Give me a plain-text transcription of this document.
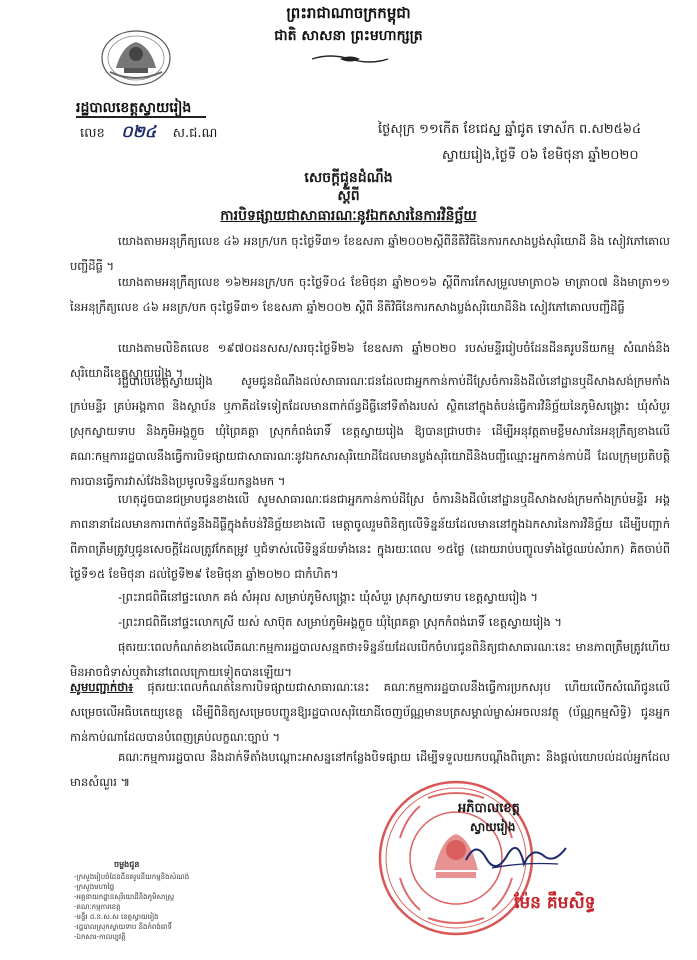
ព្រះរាជាណាចក្រកម្ពុជា
ជាតិ សាសនា ព្រះមហាក្សត្រ
រដ្ឋបាលខេត្តស្វាយរៀង
លេខ ០២៤ ស.ជ.ណ	ថ្ងៃសុក្រ ១១កើត ខែជេស្ឋ ឆ្នាំជូត ទោស័ក ព.ស២៥៦៤
ស្វាយរៀង,ថ្ងៃទី ០៦ ខែមិថុនា ឆ្នាំ២០២០
សេចក្តីជូនដំណឹង
ស្តីពី
ការបិទផ្សាយជាសាធារណៈនូវឯកសារនៃការវិនិច្ឆ័យ
យោងតាមអនុក្រឹត្យលេខ ៤៦ អនក្រ/បក ចុះថ្ងៃទី៣១ ខែឧសភា ឆ្នាំ២០០២ស្តីពីនីតិវិធីនៃការកសាងប្លង់សុរិយោដី និង សៀវភៅគោលបញ្ជីដីធ្លី ។
យោងតាមអនុក្រឹត្យលេខ ១៦២អនក្រ/បក ចុះថ្ងៃទី០៤ ខែមិថុនា ឆ្នាំ២០១៦ ស្តីពីការកែសម្រួលមាត្រា០៦ មាត្រា០៧ និងមាត្រា១១ នៃអនុក្រឹត្យលេខ ៤៦ អនក្រ/បក ចុះថ្ងៃទី៣១ ខែឧសភា ឆ្នាំ២០០២ ស្តីពី នីតិវិធីនៃការកសាងប្លង់សុរិយោដីនិង សៀវភៅគោលបញ្ជីដីធ្លី
យោងតាមលិខិតលេខ ១៩៧០ដនសស/សរចុះថ្ងៃទី២៦ ខែឧសភា ឆ្នាំ២០២០ របស់មន្ទីររៀបចំដែនដីនគរូបនីយកម្ម សំណង់និងសុរិយោដីខេត្តស្វាយរៀង ។
រដ្ឋបាលខេត្តស្វាយរៀង សូមជូនដំណឹងដល់សាធារណៈជនដែលជាអ្នកកាន់កាប់ដីស្រែចំការនិងដីលំនៅដ្ឋានឬដីសាងសង់ក្រមកាំងក្រប់មន្ទីរ គ្រប់អង្គភាព និងស្ថាប័ន ឬភាគីដទៃទៀតដែលមានពាក់ព័ន្ធដីធ្លីនៅទីតាំងរបស់ ស្ថិតនៅក្នុងតំបន់ធ្វើការវិនិច្ឆ័យនៃភូមិសង្គ្រោះ ឃុំសំបួរ ស្រុកស្វាយទាប និងភូមិអង្គក្លួច ឃុំព្រៃគគ្គា ស្រុកកំពង់រោទិ៍ ខេត្តស្វាយរៀង ឱ្យបានជ្រាបថា៖ ដើម្បីអនុវត្តតាមខ្លឹមសារនៃអនុក្រឹត្យខាងលើ គណៈកម្មការរដ្ឋបាលនឹងធ្វើការបិទផ្សាយជាសាធារណៈនូវឯកសារសុរិយោដីដែលមានប្លង់សុរិយោដីនិងបញ្ជីឈ្មោះអ្នកកាន់កាប់ដី ដែលក្រុមប្រតិបត្តិការបានធ្វើការវាស់វែងនិងប្រមូលទិន្នន័យកន្លងមក ។
ហេតុដូចបានជម្រាបជូនខាងលើ សូមសាធារណៈជនជាអ្នកកាន់កាប់ដីស្រែ ចំការនិងដីលំនៅដ្ឋានឬដីសាងសង់ក្រមកាំងក្រប់មន្ទីរ អង្គភាពនានាដែលមានការពាក់ព័ន្ធនឹងដីធ្លីក្នុងតំបន់វិនិច្ឆ័យខាងលើ មេត្តាចូលរួមពិនិត្យលើទិន្នន័យដែលមាននៅក្នុងឯកសារនៃការវិនិច្ឆ័យ ដើម្បីបញ្ជាក់ពីភាពត្រឹមត្រូវឬជូនសេចក្តីដែលត្រូវកែតម្រូវ ឬជំទាស់លើទិន្នន័យទាំងនេះ ក្នុងរយៈពេល ១៥ថ្ងៃ (ដោយរាប់បញ្ចូលទាំងថ្ងៃឈប់សំរាក) គិតចាប់ពីថ្ងៃទី១៥ ខែមិថុនា ដល់ថ្ងៃទី២៩ ខែមិថុនា ឆ្នាំ២០២០ ជាកំហិត។
-ព្រះរាជពិធីនៅផ្ទះលោក គង់ សំអុល សម្រាប់ភូមិសង្គ្រោះ ឃុំសំបួរ ស្រុកស្វាយទាប ខេត្តស្វាយរៀង ។
-ព្រះរាជពិធីនៅផ្ទះលោកស្រី យស់ សាប៊ុត សម្រាប់ភូមិអង្គក្លួច ឃុំព្រៃគគ្គា ស្រុកកំពង់រោទិ៍ ខេត្តស្វាយរៀង ។
ផុតរយៈពេលកំណត់ខាងលើគណៈកម្មការរដ្ឋបាលសន្មតថា៖ទិន្នន័យដែលបើកចំហរជូនពិនិត្យជាសាធារណៈនេះ មានភាពត្រឹមត្រូវហើយមិនអាចជំទាស់ឬតវ៉ានៅពេលក្រោយទៀតបានឡើយ។
សូមបញ្ជាក់ថា៖ ផុតរយៈពេលកំណត់នៃការបិទផ្សាយជាសាធារណៈនេះ គណៈកម្មការរដ្ឋបាលនឹងធ្វើការប្រកសរុប ហើយលើកសំណើជូនលើសម្រេចលើអធិបតេយ្យខេត្ត ដើម្បីពិនិត្យសម្រេចបញ្ចូនឱ្យរដ្ឋបាលសុរិយោដីចេញប័ណ្ណមានបត្រសម្គាល់ម្ចាស់អចលនវត្ថុ (ប័ណ្ណកម្មសិទ្ធិ) ជូនអ្នកកាន់កាប់ណាដែលបានបំពេញគ្រប់លក្ខណៈច្បាប់ ។
គណៈកម្មការរដ្ឋបាល នឹងដាក់ទីតាំងបណ្ដោះអាសន្ននៅកន្លែងបិទផ្សាយ ដើម្បីទទួលយកបណ្តឹងពិគ្រោះ និងផ្តល់យោបល់ដល់អ្នកដែលមានសំណួរ ៕
ចម្លងជូន
-ក្រសួងរៀបចំដែនដីនគរូបនីយកម្មនិងសំណង់
-ក្រសួងមហាផ្ទៃ
-អគ្គនាយកដ្ឋានសុរិយោដីនិងភូមិសាស្ត្រ
-គណៈកម្មការខេត្ត
-មន្ទីរ ដ.ន.ស.ស ខេត្តស្វាយរៀង
-រដ្ឋបាលស្រុកស្វាយទាប និងកំពង់រោទិ៍
-ឯកសារ-កាលប្បវត្តិ
អភិបាលខេត្ត
ស្វាយរៀង
ម៉ែន គឹមសិទ្ធ
